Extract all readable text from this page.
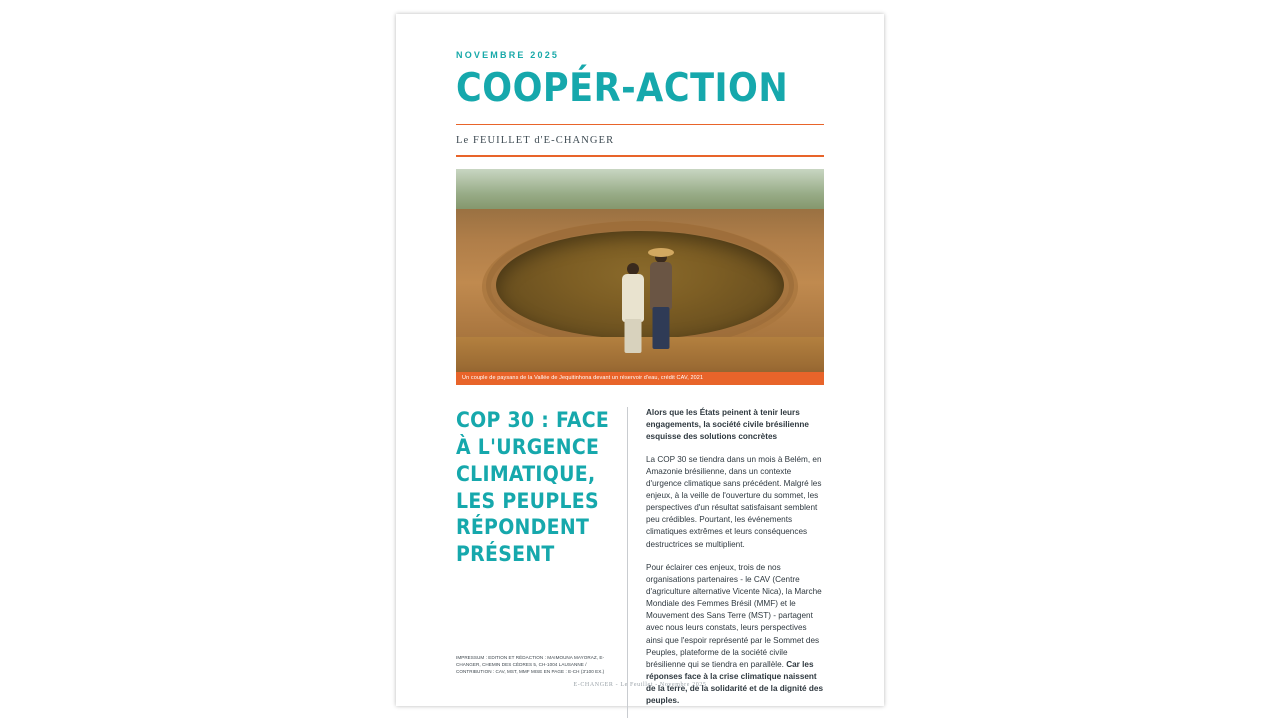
NOVEMBRE 2025
COOPÉR-ACTION
Le FEUILLET d'E-CHANGER
Un couple de paysans de la Vallée de Jequitinhona devant un réservoir d'eau, crédit CAV, 2021
COP 30 : FACE À L'URGENCE CLIMATIQUE, LES PEUPLES RÉPONDENT PRÉSENT
IMPRESSUM : EDITION ET RÉDACTION : MAIMOUNA MAYORAZ, E-CHANGER, CHEMIN DES CÈDRES 5, CH-1004 LAUSANNE / CONTRIBUTION : CAV, MST, MMF MISE EN PAGE : E-CH (3'100 EX.)

Alors que les États peinent à tenir leurs engagements, la société civile brésilienne esquisse des solutions concrètes

La COP 30 se tiendra dans un mois à Belém, en Amazonie brésilienne, dans un contexte d'urgence climatique sans précédent. Malgré les enjeux, à la veille de l'ouverture du sommet, les perspectives d'un résultat satisfaisant semblent peu crédibles. Pourtant, les événements climatiques extrêmes et leurs conséquences destructrices se multiplient.

Pour éclairer ces enjeux, trois de nos organisations partenaires - le CAV (Centre d'agriculture alternative Vicente Nica), la Marche Mondiale des Femmes Brésil (MMF) et le Mouvement des Sans Terre (MST) - partagent avec nous leurs constats, leurs perspectives ainsi que l'espoir représenté par le Sommet des Peuples, plateforme de la société civile brésilienne qui se tiendra en parallèle. Car les réponses face à la crise climatique naissent de la terre, de la solidarité et de la dignité des peuples.

E-CHANGER - Le Feuillet - Novembre 2025
